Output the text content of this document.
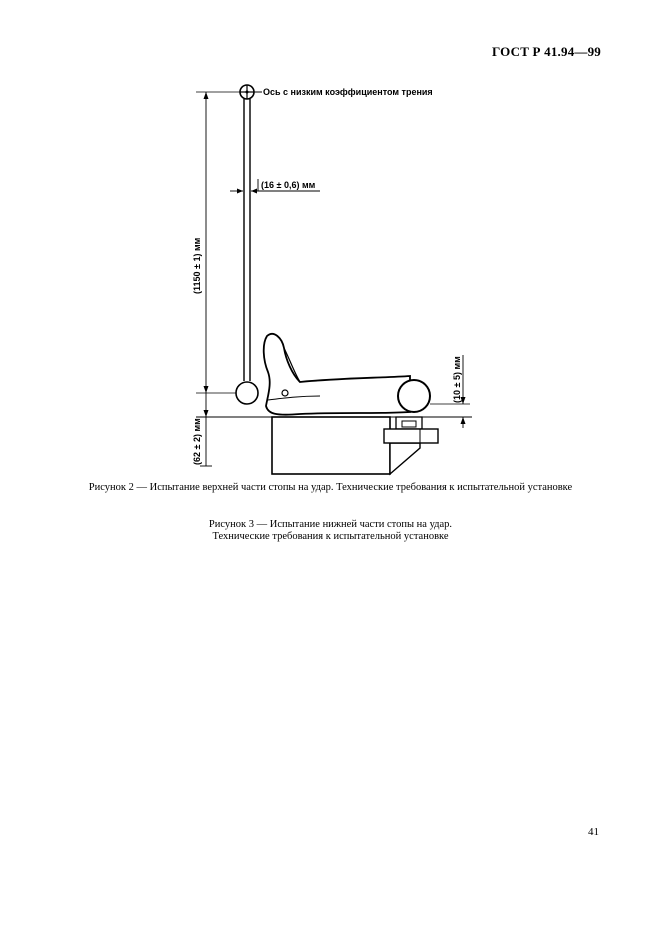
ГОСТ Р 41.94—99
Ось с низким коэффициентом трения
(16 ± 0,6) мм
(1150 ± 1) мм
(62 ± 2) мм
(10 ± 5) мм
Рисунок 2 — Испытание верхней части стопы на удар. Технические требования к испытательной установке
Рисунок 3 — Испытание нижней части стопы на удар.
Технические требования к испытательной установке
41
